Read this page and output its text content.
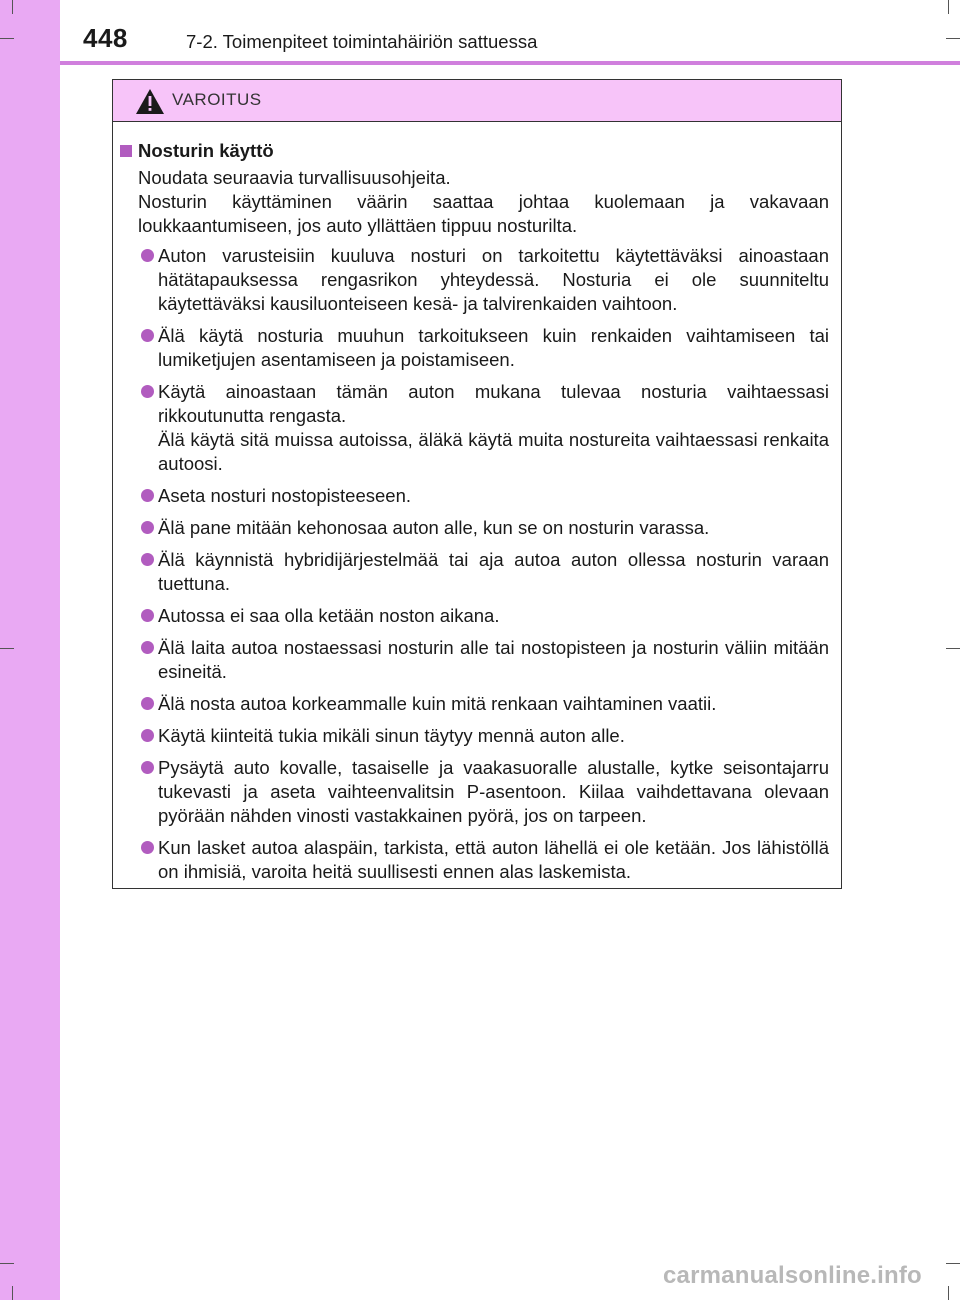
448	7-2. Toimenpiteet toimintahäiriön sattuessa
VAROITUS
Nosturin käyttö

Noudata seuraavia turvallisuusohjeita.

Nosturin käyttäminen väärin saattaa johtaa kuolemaan ja vakavaan loukkaantumiseen, jos auto yllättäen tippuu nosturilta.

Auton varusteisiin kuuluva nosturi on tarkoitettu käytettäväksi ainoastaan hätätapauksessa rengasrikon yhteydessä. Nosturia ei ole suunniteltu käytettäväksi kausiluonteiseen kesä- ja talvirenkaiden vaihtoon.

Älä käytä nosturia muuhun tarkoitukseen kuin renkaiden vaihtamiseen tai lumiketjujen asentamiseen ja poistamiseen.

Käytä ainoastaan tämän auton mukana tulevaa nosturia vaihtaessasi rikkoutunutta rengasta.

Älä käytä sitä muissa autoissa, äläkä käytä muita nostureita vaihtaessasi renkaita autoosi.

Aseta nosturi nostopisteeseen.

Älä pane mitään kehonosaa auton alle, kun se on nosturin varassa.

Älä käynnistä hybridijärjestelmää tai aja autoa auton ollessa nosturin varaan tuettuna.

Autossa ei saa olla ketään noston aikana.

Älä laita autoa nostaessasi nosturin alle tai nostopisteen ja nosturin väliin mitään esineitä.

Älä nosta autoa korkeammalle kuin mitä renkaan vaihtaminen vaatii.

Käytä kiinteitä tukia mikäli sinun täytyy mennä auton alle.

Pysäytä auto kovalle, tasaiselle ja vaakasuoralle alustalle, kytke seisontajarru tukevasti ja aseta vaihteenvalitsin P-asentoon. Kiilaa vaihdettavana olevaan pyörään nähden vinosti vastakkainen pyörä, jos on tarpeen.

Kun lasket autoa alaspäin, tarkista, että auton lähellä ei ole ketään. Jos lähistöllä on ihmisiä, varoita heitä suullisesti ennen alas laskemista.

carmanualsonline.info
